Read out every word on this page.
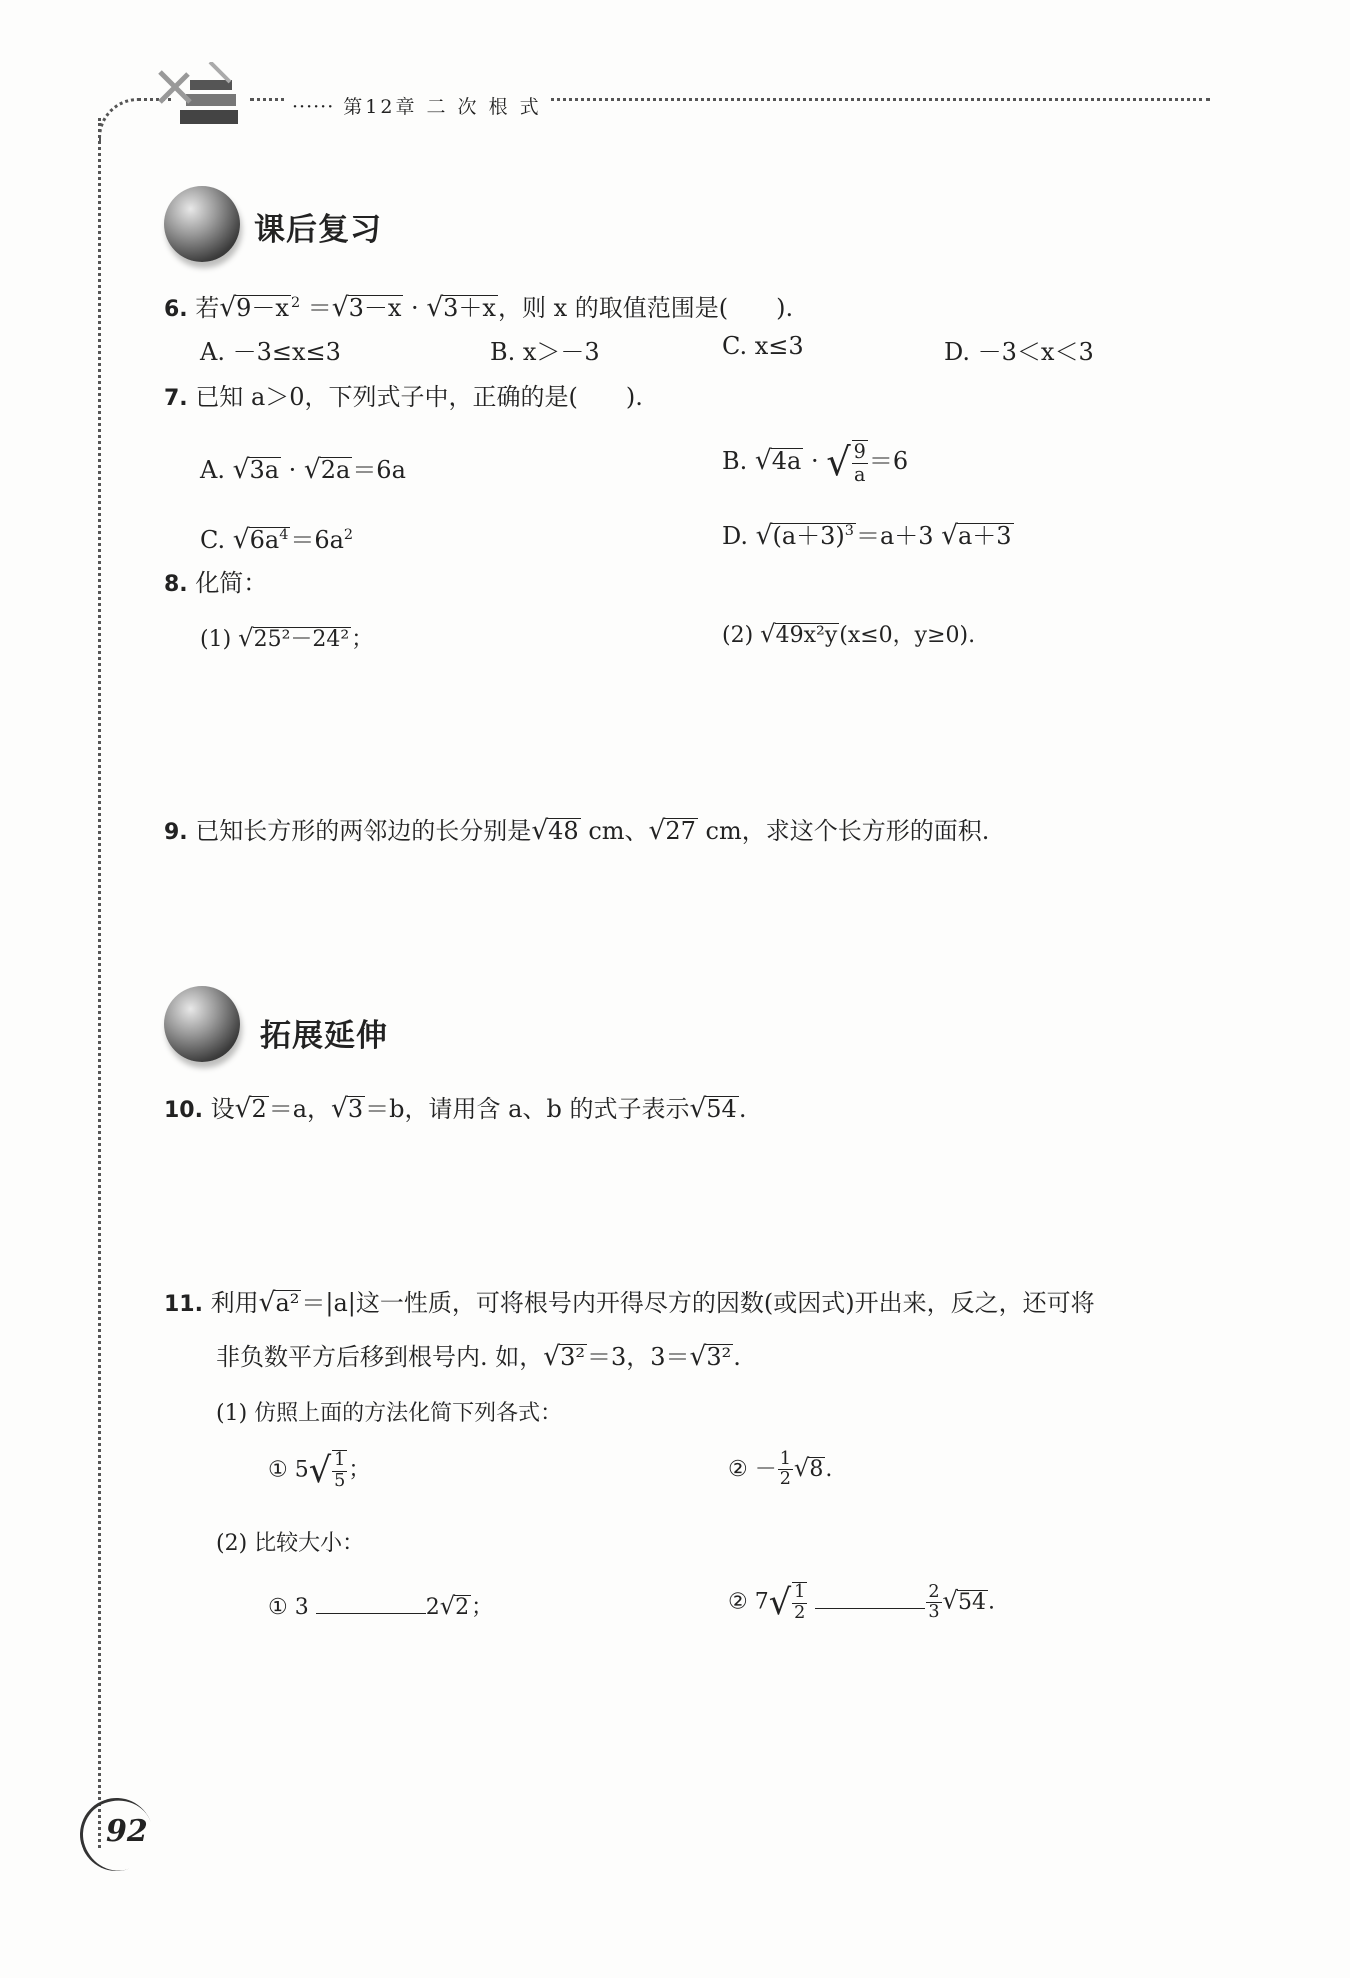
······ 第12章 二 次 根 式
课后复习
6. 若√9－x $^2$ ＝√3－x · √3＋x，则 x 的取值范围是(　　).
A. －3≤x≤3	B. x＞－3	C. x≤3	D. －3＜x＜3
7. 已知 a＞0，下列式子中，正确的是(　　).
A. √3a · √2a＝6a	B. √4a · √ $\frac{9}{a} =6$
C. $√6a^4=6a^2$	D. $√(a+3)^3=a+3$ √a＋3
8. 化简：
(1) √25²－24²；	(2) √49x²y(x≤0，y≥0).
9. 已知长方形的两邻边的长分别是√48 cm、√27 cm，求这个长方形的面积.
拓展延伸
10. 设√2＝a，√3＝b，请用含 a、b 的式子表示√54.
11. 利用√a²＝|a|这一性质，可将根号内开得尽方的因数(或因式)开出来，反之，还可将
非负数平方后移到根号内. 如，√3²＝3，3＝√3².
(1) 仿照上面的方法化简下列各式：
① $5√ \frac{1}{5}$ ；	② － $\frac{1}{2} √8$.
(2) 比较大小：
① 3	2√2；	② $7√ \frac{1}{2}$
	$\frac{2}{3} √54$.
92
